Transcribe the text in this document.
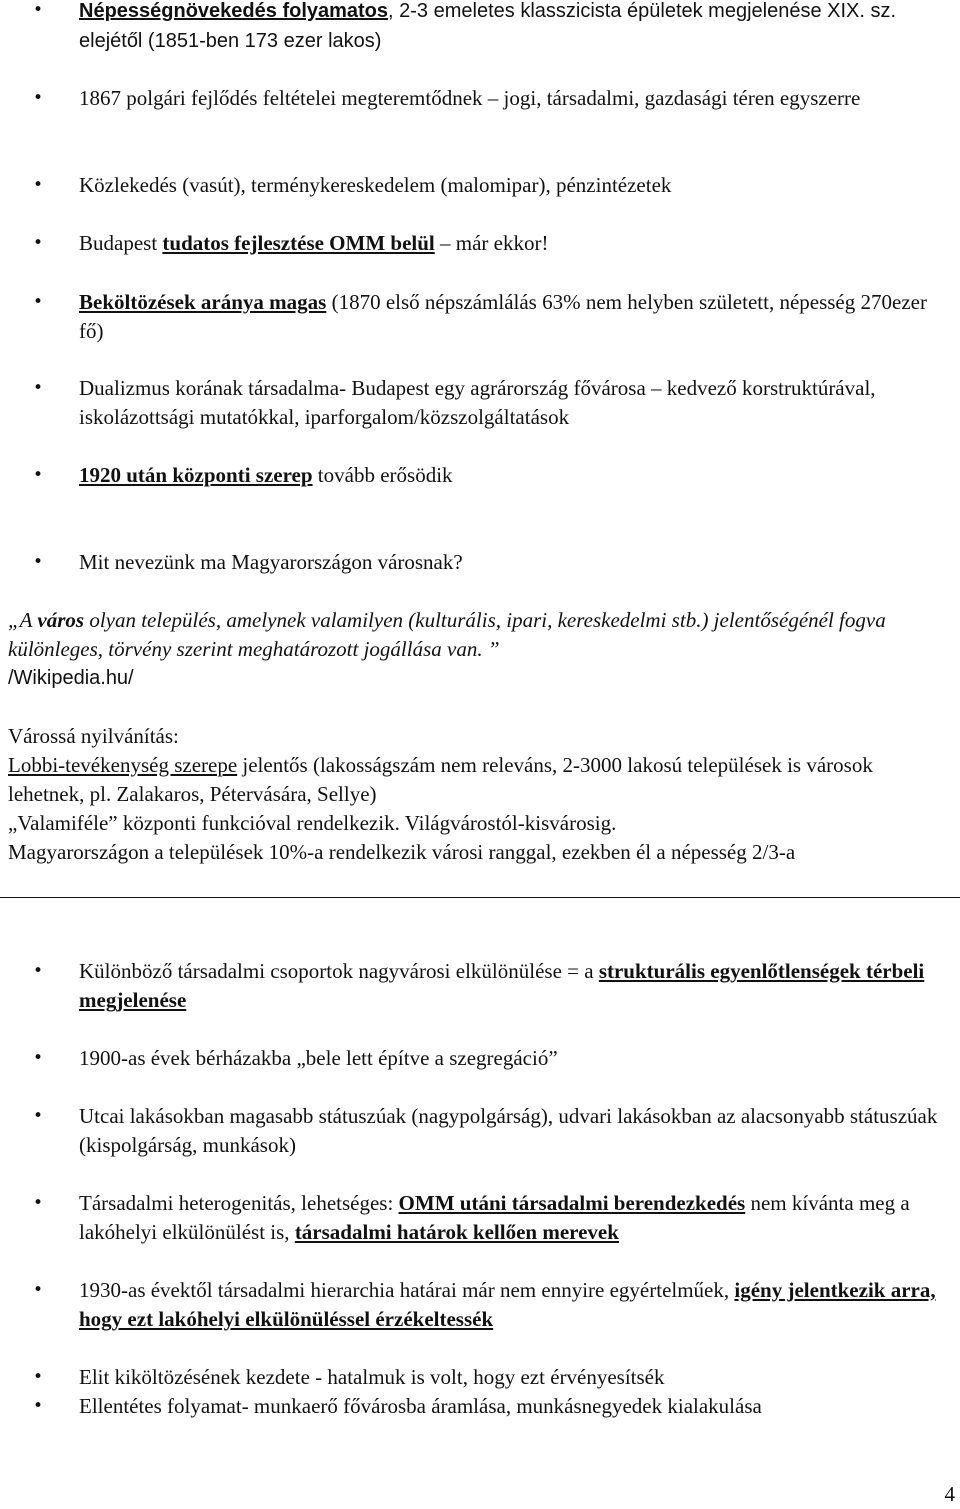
• Népességnövekedés folyamatos, 2-3 emeletes klasszicista épületek megjelenése XIX. sz. elejétől (1851-ben 173 ezer lakos)
• 1867 polgári fejlődés feltételei megteremtődnek – jogi, társadalmi, gazdasági téren egyszerre
• Közlekedés (vasút), terménykereskedelem (malomipar), pénzintézetek
• Budapest tudatos fejlesztése OMM belül – már ekkor!
• Beköltözések aránya magas (1870 első népszámlálás 63% nem helyben született, népesség 270ezer fő)
• Dualizmus korának társadalma- Budapest egy agrárország fővárosa – kedvező korstruktúrával, iskolázottsági mutatókkal, iparforgalom/közszolgáltatások
• 1920 után központi szerep tovább erősödik
• Mit nevezünk ma Magyarországon városnak?
„A város olyan település, amelynek valamilyen (kulturális, ipari, kereskedelmi stb.) jelentőségénél fogva különleges, törvény szerint meghatározott jogállása van. ”
/Wikipedia.hu/
Várossá nyilvánítás:
Lobbi-tevékenység szerepe jelentős (lakosságszám nem releváns, 2-3000 lakosú települések is városok lehetnek, pl. Zalakaros, Pétervására, Sellye)
„Valamiféle” központi funkcióval rendelkezik. Világvárostól-kisvárosig.
Magyarországon a települések 10%-a rendelkezik városi ranggal, ezekben él a népesség 2/3-a
• Különböző társadalmi csoportok nagyvárosi elkülönülése = a strukturális egyenlőtlenségek térbeli megjelenése
• 1900-as évek bérházakba „bele lett építve a szegregáció”
• Utcai lakásokban magasabb státuszúak (nagypolgárság), udvari lakásokban az alacsonyabb státuszúak (kispolgárság, munkások)
• Társadalmi heterogenitás, lehetséges: OMM utáni társadalmi berendezkedés nem kívánta meg a lakóhelyi elkülönülést is, társadalmi határok kellően merevek
• 1930-as évektől társadalmi hierarchia határai már nem ennyire egyértelműek, igény jelentkezik arra, hogy ezt lakóhelyi elkülönüléssel érzékeltessék
• Elit kiköltözésének kezdete - hatalmuk is volt, hogy ezt érvényesítsék
• Ellentétes folyamat- munkaerő fővárosba áramlása, munkásnegyedek kialakulása
4
